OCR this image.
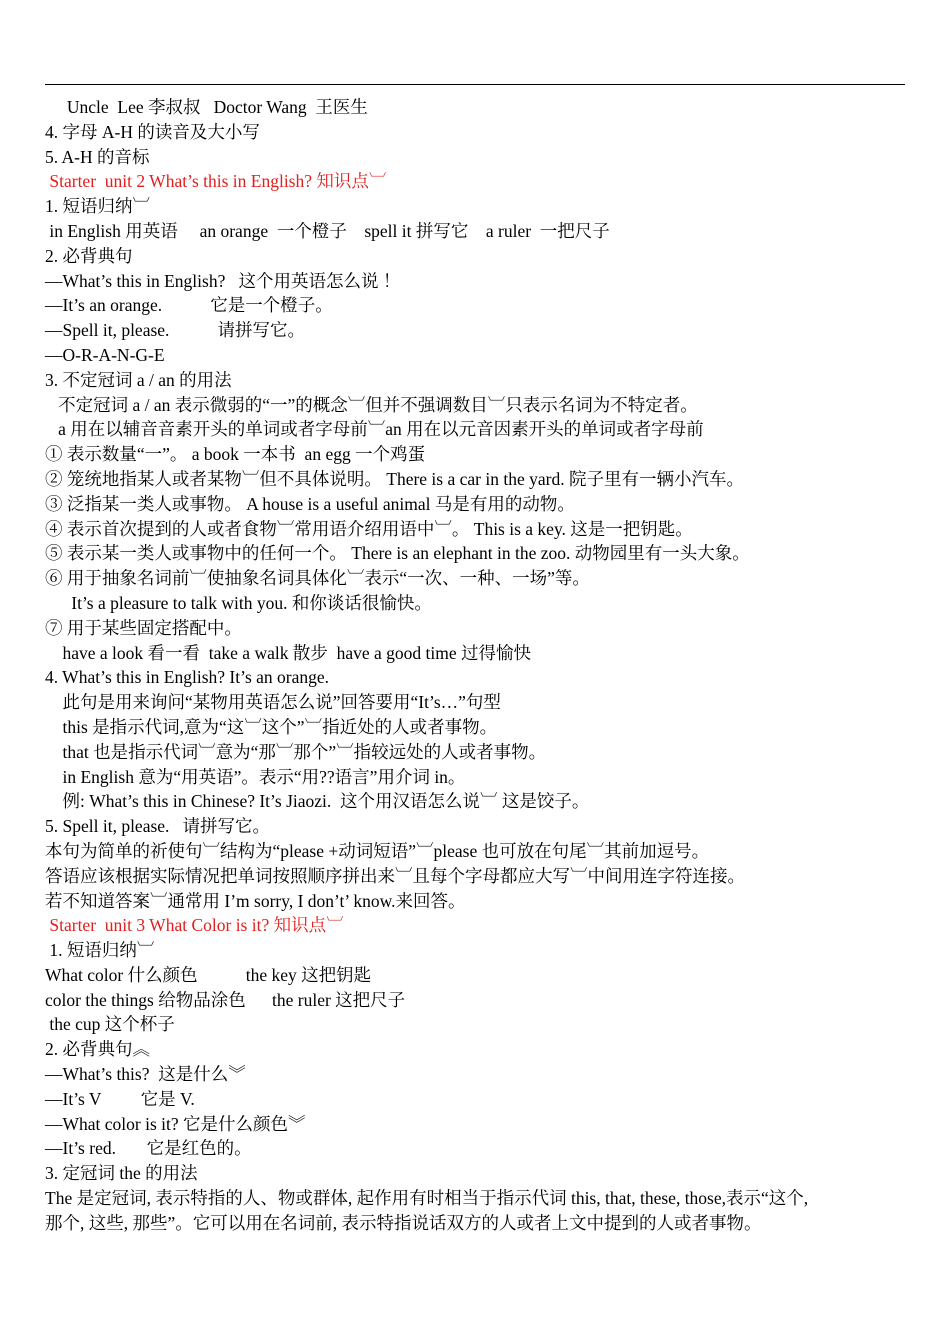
Uncle  Lee 李叔叔   Doctor Wang  王医生
4. 字母 A-H 的读音及大小写
5. A-H 的音标
Starter  unit 2 What’s this in English? 知识点︺
1. 短语归纳︺
in English 用英语     an orange  一个橙子    spell it 拼写它    a ruler  一把尺子
2. 必背典句
—What’s this in English?   这个用英语怎么说 ！
—It’s an orange.           它是一个橙子。
—Spell it, please.           请拼写它。
—O-R-A-N-G-E
3. 不定冠词 a / an 的用法
不定冠词 a / an 表示微弱的“一”的概念︺但并不强调数目︺只表示名词为不特定者。
a 用在以辅音音素开头的单词或者字母前︺an 用在以元音因素开头的单词或者字母前
① 表示数量“一”。 a book 一本书  an egg 一个鸡蛋
② 笼统地指某人或者某物︺但不具体说明。 There is a car in the yard. 院子里有一辆小汽车。
③ 泛指某一类人或事物。 A house is a useful animal 马是有用的动物。
④ 表示首次提到的人或者食物︺常用语介绍用语中︺。 This is a key. 这是一把钥匙。
⑤ 表示某一类人或事物中的任何一个。 There is an elephant in the zoo. 动物园里有一头大象。
⑥ 用于抽象名词前︺使抽象名词具体化︺表示“一次、一种、一场”等。
It’s a pleasure to talk with you. 和你谈话很愉快。
⑦ 用于某些固定搭配中。
have a look 看一看  take a walk 散步  have a good time 过得愉快
4. What’s this in English? It’s an orange.
此句是用来询问“某物用英语怎么说”回答要用“It’s…”句型
this 是指示代词,意为“这︺这个”︺指近处的人或者事物。
that 也是指示代词︺意为“那︺那个”︺指较远处的人或者事物。
in English 意为“用英语”。表示“用??语言”用介词 in。
例: What’s this in Chinese? It’s Jiaozi.  这个用汉语怎么说︺ 这是饺子。
5. Spell it, please.   请拼写它。
本句为简单的祈使句︺结构为“please +动词短语”︺please 也可放在句尾︺其前加逗号。
答语应该根据实际情况把单词按照顺序拼出来︺且每个字母都应大写︺中间用连字符连接。
若不知道答案︺通常用 I’m sorry, I don’t’ know.来回答。
Starter  unit 3 What Color is it? 知识点︺
1. 短语归纳︺
What color 什么颜色           the key 这把钥匙
color the things 给物品涂色      the ruler 这把尺子
the cup 这个杯子
2. 必背典句︽
—What’s this?  这是什么︾
—It’s V         它是 V.
—What color is it? 它是什么颜色︾
—It’s red.       它是红色的。
3. 定冠词 the 的用法
The 是定冠词, 表示特指的人、物或群体, 起作用有时相当于指示代词 this, that, these, those,表示“这个,
那个, 这些, 那些”。它可以用在名词前, 表示特指说话双方的人或者上文中提到的人或者事物。
